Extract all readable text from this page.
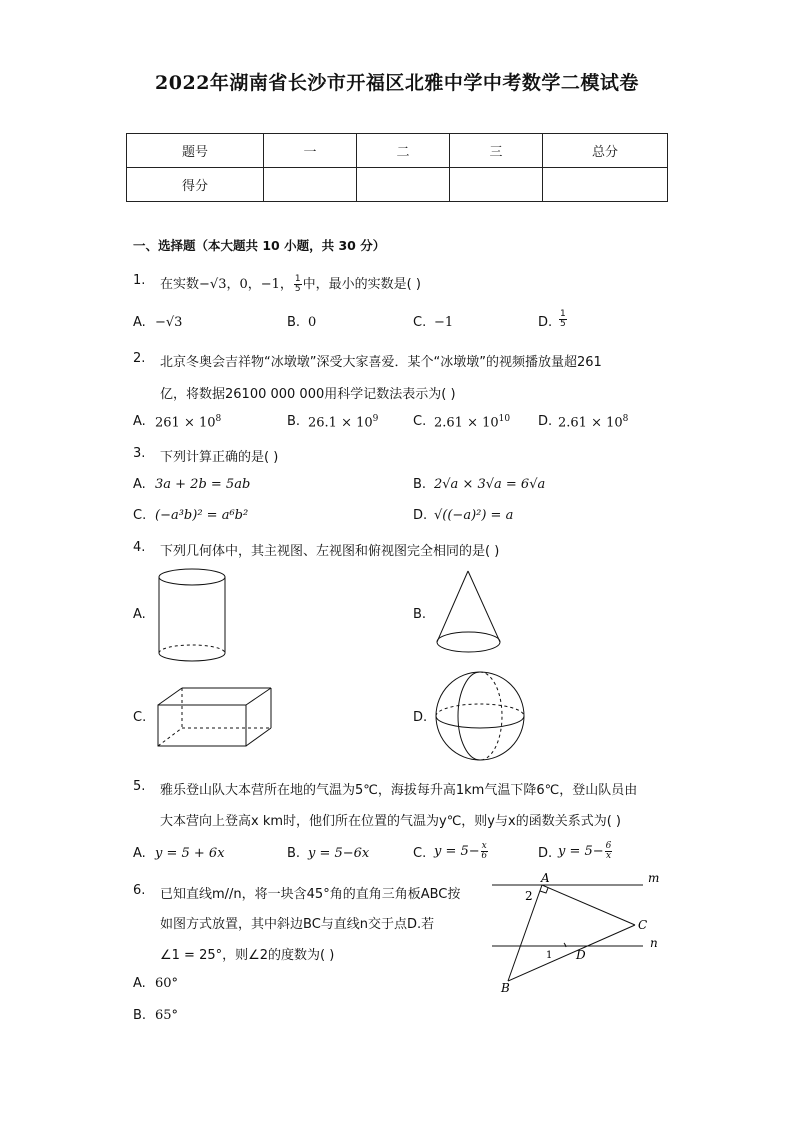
2022年湖南省长沙市开福区北雅中学中考数学二模试卷
题号	一	二	三	总分
得分				
一、选择题（本大题共 10 小题，共 30 分）
1. 在实数−√3，0，−1， $\frac{1}{5}$ 中，最小的实数是( )
A. −√3	B. 0	C. −1	D. $\frac{1}{5}$
2. 北京冬奥会吉祥物“冰墩墩”深受大家喜爱．某个“冰墩墩”的视频播放量超261
亿，将数据26100 000 000用科学记数法表示为( )
A. $261 \times 10^8$	B. $26.1 \times 10^9$	C. $2.61 \times 10^{10}$ D. $2.61 \times 10^8$
3. 下列计算正确的是( )
A. 3a + 2b = 5ab	B. 2√a × 3√a = 6√a
C. (−a³b)² = a⁶b²	D. √((−a)²) = a
4. 下列几何体中，其主视图、左视图和俯视图完全相同的是( )
A.	B.
C.	D.
5. 雅乐登山队大本营所在地的气温为5℃，海拔每升高1km气温下降6℃，登山队员由
大本营向上登高x km时，他们所在位置的气温为y℃，则y与x的函数关系式为( )
A. y = 5 + 6x	B. y = 5−6x	C. $y = 5- \frac{x}{6}$	D. $y = 5- \frac{6}{x}$
6. 已知直线m//n，将一块含45°角的直角三角板ABC按
如图方式放置，其中斜边BC与直线n交于点D.若
∠1 = 25°，则∠2的度数为( )
A. 60°
B. 65°
m
n
A
B
C
D
2
1
